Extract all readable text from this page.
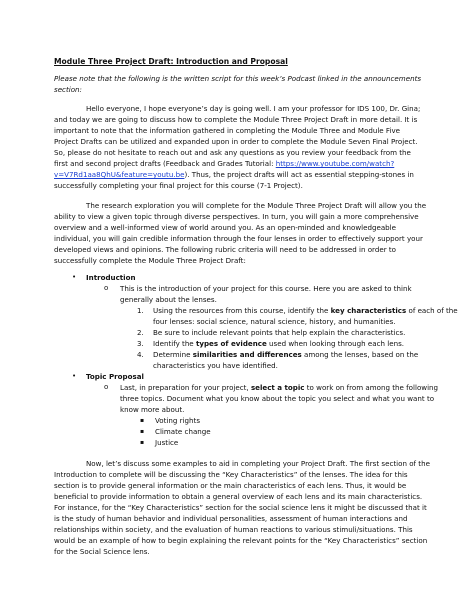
Module Three Project Draft: Introduction and Proposal
Please note that the following is the written script for this week’s Podcast linked in the announcements
section:
Hello everyone, I hope everyone’s day is going well. I am your professor for IDS 100, Dr. Gina;
and today we are going to discuss how to complete the Module Three Project Draft in more detail. It is
important to note that the information gathered in completing the Module Three and Module Five
Project Drafts can be utilized and expanded upon in order to complete the Module Seven Final Project.
So, please do not hesitate to reach out and ask any questions as you review your feedback from the
first and second project drafts (Feedback and Grades Tutorial: https://www.youtube.com/watch?
v=V7Rd1aa8QhU&feature=youtu.be). Thus, the project drafts will act as essential stepping-stones in
successfully completing your final project for this course (7-1 Project).
The research exploration you will complete for the Module Three Project Draft will allow you the
ability to view a given topic through diverse perspectives. In turn, you will gain a more comprehensive
overview and a well-informed view of world around you. As an open-minded and knowledgeable
individual, you will gain credible information through the four lenses in order to effectively support your
developed views and opinions. The following rubric criteria will need to be addressed in order to
successfully complete the Module Three Project Draft:
• Introduction
o This is the introduction of your project for this course. Here you are asked to think
generally about the lenses.
1. Using the resources from this course, identify the key characteristics of each of the
four lenses: social science, natural science, history, and humanities.
2. Be sure to include relevant points that help explain the characteristics.
3. Identify the types of evidence used when looking through each lens.
4. Determine similarities and differences among the lenses, based on the
characteristics you have identified.
• Topic Proposal
o Last, in preparation for your project, select a topic to work on from among the following
three topics. Document what you know about the topic you select and what you want to
know more about.
▪ Voting rights
▪ Climate change
▪ Justice
Now, let’s discuss some examples to aid in completing your Project Draft. The first section of the
Introduction to complete will be discussing the “Key Characteristics” of the lenses. The idea for this
section is to provide general information or the main characteristics of each lens. Thus, it would be
beneficial to provide information to obtain a general overview of each lens and its main characteristics.
For instance, for the “Key Characteristics” section for the social science lens it might be discussed that it
is the study of human behavior and individual personalities, assessment of human interactions and
relationships within society, and the evaluation of human reactions to various stimuli/situations. This
would be an example of how to begin explaining the relevant points for the “Key Characteristics” section
for the Social Science lens.
